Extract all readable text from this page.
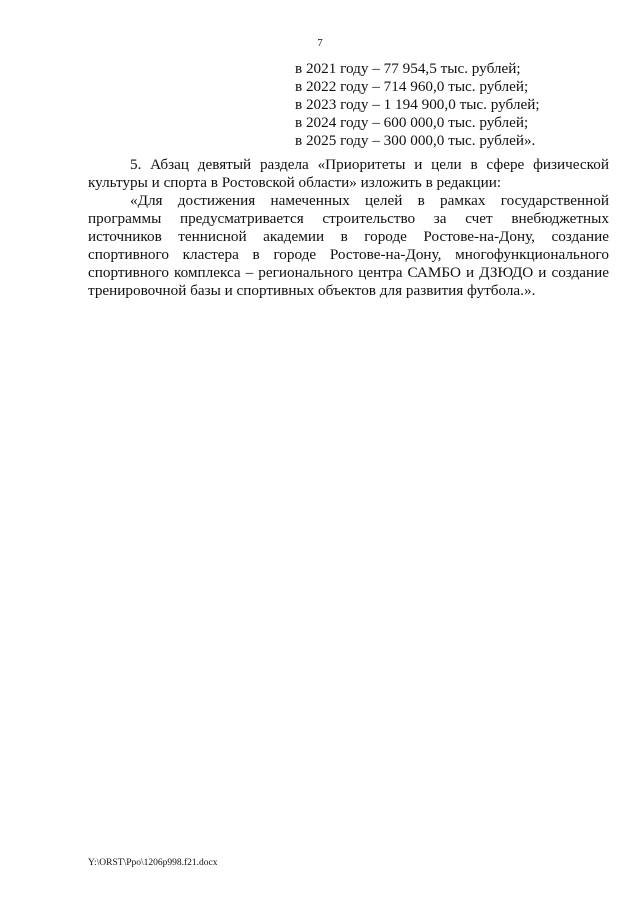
7
в 2021 году – 77 954,5 тыс. рублей;
в 2022 году – 714 960,0 тыс. рублей;
в 2023 году – 1 194 900,0 тыс. рублей;
в 2024 году – 600 000,0 тыс. рублей;
в 2025 году – 300 000,0 тыс. рублей».

5. Абзац девятый раздела «Приоритеты и цели в сфере физической культуры и спорта в Ростовской области» изложить в редакции:

«Для достижения намеченных целей в рамках государственной программы предусматривается строительство за счет внебюджетных источников теннисной академии в городе Ростове-на-Дону, создание спортивного кластера в городе Ростове-на-Дону, многофункционального спортивного комплекса – регионального центра САМБО и ДЗЮДО и создание тренировочной базы и спортивных объектов для развития футбола.».

Y:\ORST\Ppo\1206p998.f21.docx
